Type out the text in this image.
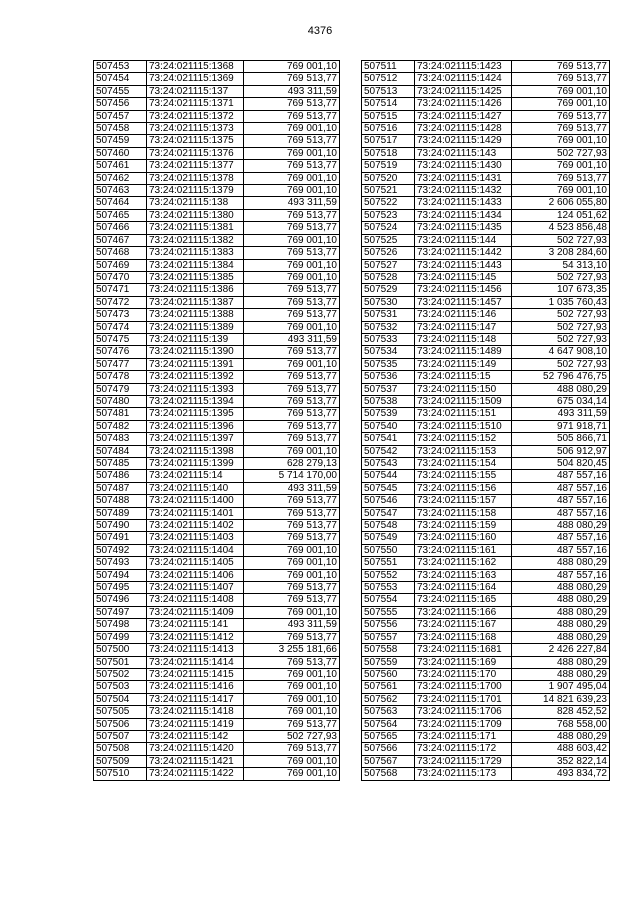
4376
507453	73:24:021115:1368	769 001,10
507454	73:24:021115:1369	769 513,77
507455	73:24:021115:137	493 311,59
507456	73:24:021115:1371	769 513,77
507457	73:24:021115:1372	769 513,77
507458	73:24:021115:1373	769 001,10
507459	73:24:021115:1375	769 513,77
507460	73:24:021115:1376	769 001,10
507461	73:24:021115:1377	769 513,77
507462	73:24:021115:1378	769 001,10
507463	73:24:021115:1379	769 001,10
507464	73:24:021115:138	493 311,59
507465	73:24:021115:1380	769 513,77
507466	73:24:021115:1381	769 513,77
507467	73:24:021115:1382	769 001,10
507468	73:24:021115:1383	769 513,77
507469	73:24:021115:1384	769 001,10
507470	73:24:021115:1385	769 001,10
507471	73:24:021115:1386	769 513,77
507472	73:24:021115:1387	769 513,77
507473	73:24:021115:1388	769 513,77
507474	73:24:021115:1389	769 001,10
507475	73:24:021115:139	493 311,59
507476	73:24:021115:1390	769 513,77
507477	73:24:021115:1391	769 001,10
507478	73:24:021115:1392	769 513,77
507479	73:24:021115:1393	769 513,77
507480	73:24:021115:1394	769 513,77
507481	73:24:021115:1395	769 513,77
507482	73:24:021115:1396	769 513,77
507483	73:24:021115:1397	769 513,77
507484	73:24:021115:1398	769 001,10
507485	73:24:021115:1399	628 279,13
507486	73:24:021115:14	5 714 170,00
507487	73:24:021115:140	493 311,59
507488	73:24:021115:1400	769 513,77
507489	73:24:021115:1401	769 513,77
507490	73:24:021115:1402	769 513,77
507491	73:24:021115:1403	769 513,77
507492	73:24:021115:1404	769 001,10
507493	73:24:021115:1405	769 001,10
507494	73:24:021115:1406	769 001,10
507495	73:24:021115:1407	769 513,77
507496	73:24:021115:1408	769 513,77
507497	73:24:021115:1409	769 001,10
507498	73:24:021115:141	493 311,59
507499	73:24:021115:1412	769 513,77
507500	73:24:021115:1413	3 255 181,66
507501	73:24:021115:1414	769 513,77
507502	73:24:021115:1415	769 001,10
507503	73:24:021115:1416	769 001,10
507504	73:24:021115:1417	769 001,10
507505	73:24:021115:1418	769 001,10
507506	73:24:021115:1419	769 513,77
507507	73:24:021115:142	502 727,93
507508	73:24:021115:1420	769 513,77
507509	73:24:021115:1421	769 001,10
507510	73:24:021115:1422	769 001,10
507511	73:24:021115:1423	769 513,77
507512	73:24:021115:1424	769 513,77
507513	73:24:021115:1425	769 001,10
507514	73:24:021115:1426	769 001,10
507515	73:24:021115:1427	769 513,77
507516	73:24:021115:1428	769 513,77
507517	73:24:021115:1429	769 001,10
507518	73:24:021115:143	502 727,93
507519	73:24:021115:1430	769 001,10
507520	73:24:021115:1431	769 513,77
507521	73:24:021115:1432	769 001,10
507522	73:24:021115:1433	2 606 055,80
507523	73:24:021115:1434	124 051,62
507524	73:24:021115:1435	4 523 856,48
507525	73:24:021115:144	502 727,93
507526	73:24:021115:1442	3 208 284,60
507527	73:24:021115:1443	54 313,10
507528	73:24:021115:145	502 727,93
507529	73:24:021115:1456	107 673,35
507530	73:24:021115:1457	1 035 760,43
507531	73:24:021115:146	502 727,93
507532	73:24:021115:147	502 727,93
507533	73:24:021115:148	502 727,93
507534	73:24:021115:1489	4 647 908,10
507535	73:24:021115:149	502 727,93
507536	73:24:021115:15	52 796 476,75
507537	73:24:021115:150	488 080,29
507538	73:24:021115:1509	675 034,14
507539	73:24:021115:151	493 311,59
507540	73:24:021115:1510	971 918,71
507541	73:24:021115:152	505 866,71
507542	73:24:021115:153	506 912,97
507543	73:24:021115:154	504 820,45
507544	73:24:021115:155	487 557,16
507545	73:24:021115:156	487 557,16
507546	73:24:021115:157	487 557,16
507547	73:24:021115:158	487 557,16
507548	73:24:021115:159	488 080,29
507549	73:24:021115:160	487 557,16
507550	73:24:021115:161	487 557,16
507551	73:24:021115:162	488 080,29
507552	73:24:021115:163	487 557,16
507553	73:24:021115:164	488 080,29
507554	73:24:021115:165	488 080,29
507555	73:24:021115:166	488 080,29
507556	73:24:021115:167	488 080,29
507557	73:24:021115:168	488 080,29
507558	73:24:021115:1681	2 426 227,84
507559	73:24:021115:169	488 080,29
507560	73:24:021115:170	488 080,29
507561	73:24:021115:1700	1 907 495,04
507562	73:24:021115:1701	14 821 639,23
507563	73:24:021115:1706	828 452,52
507564	73:24:021115:1709	768 558,00
507565	73:24:021115:171	488 080,29
507566	73:24:021115:172	488 603,42
507567	73:24:021115:1729	352 822,14
507568	73:24:021115:173	493 834,72
